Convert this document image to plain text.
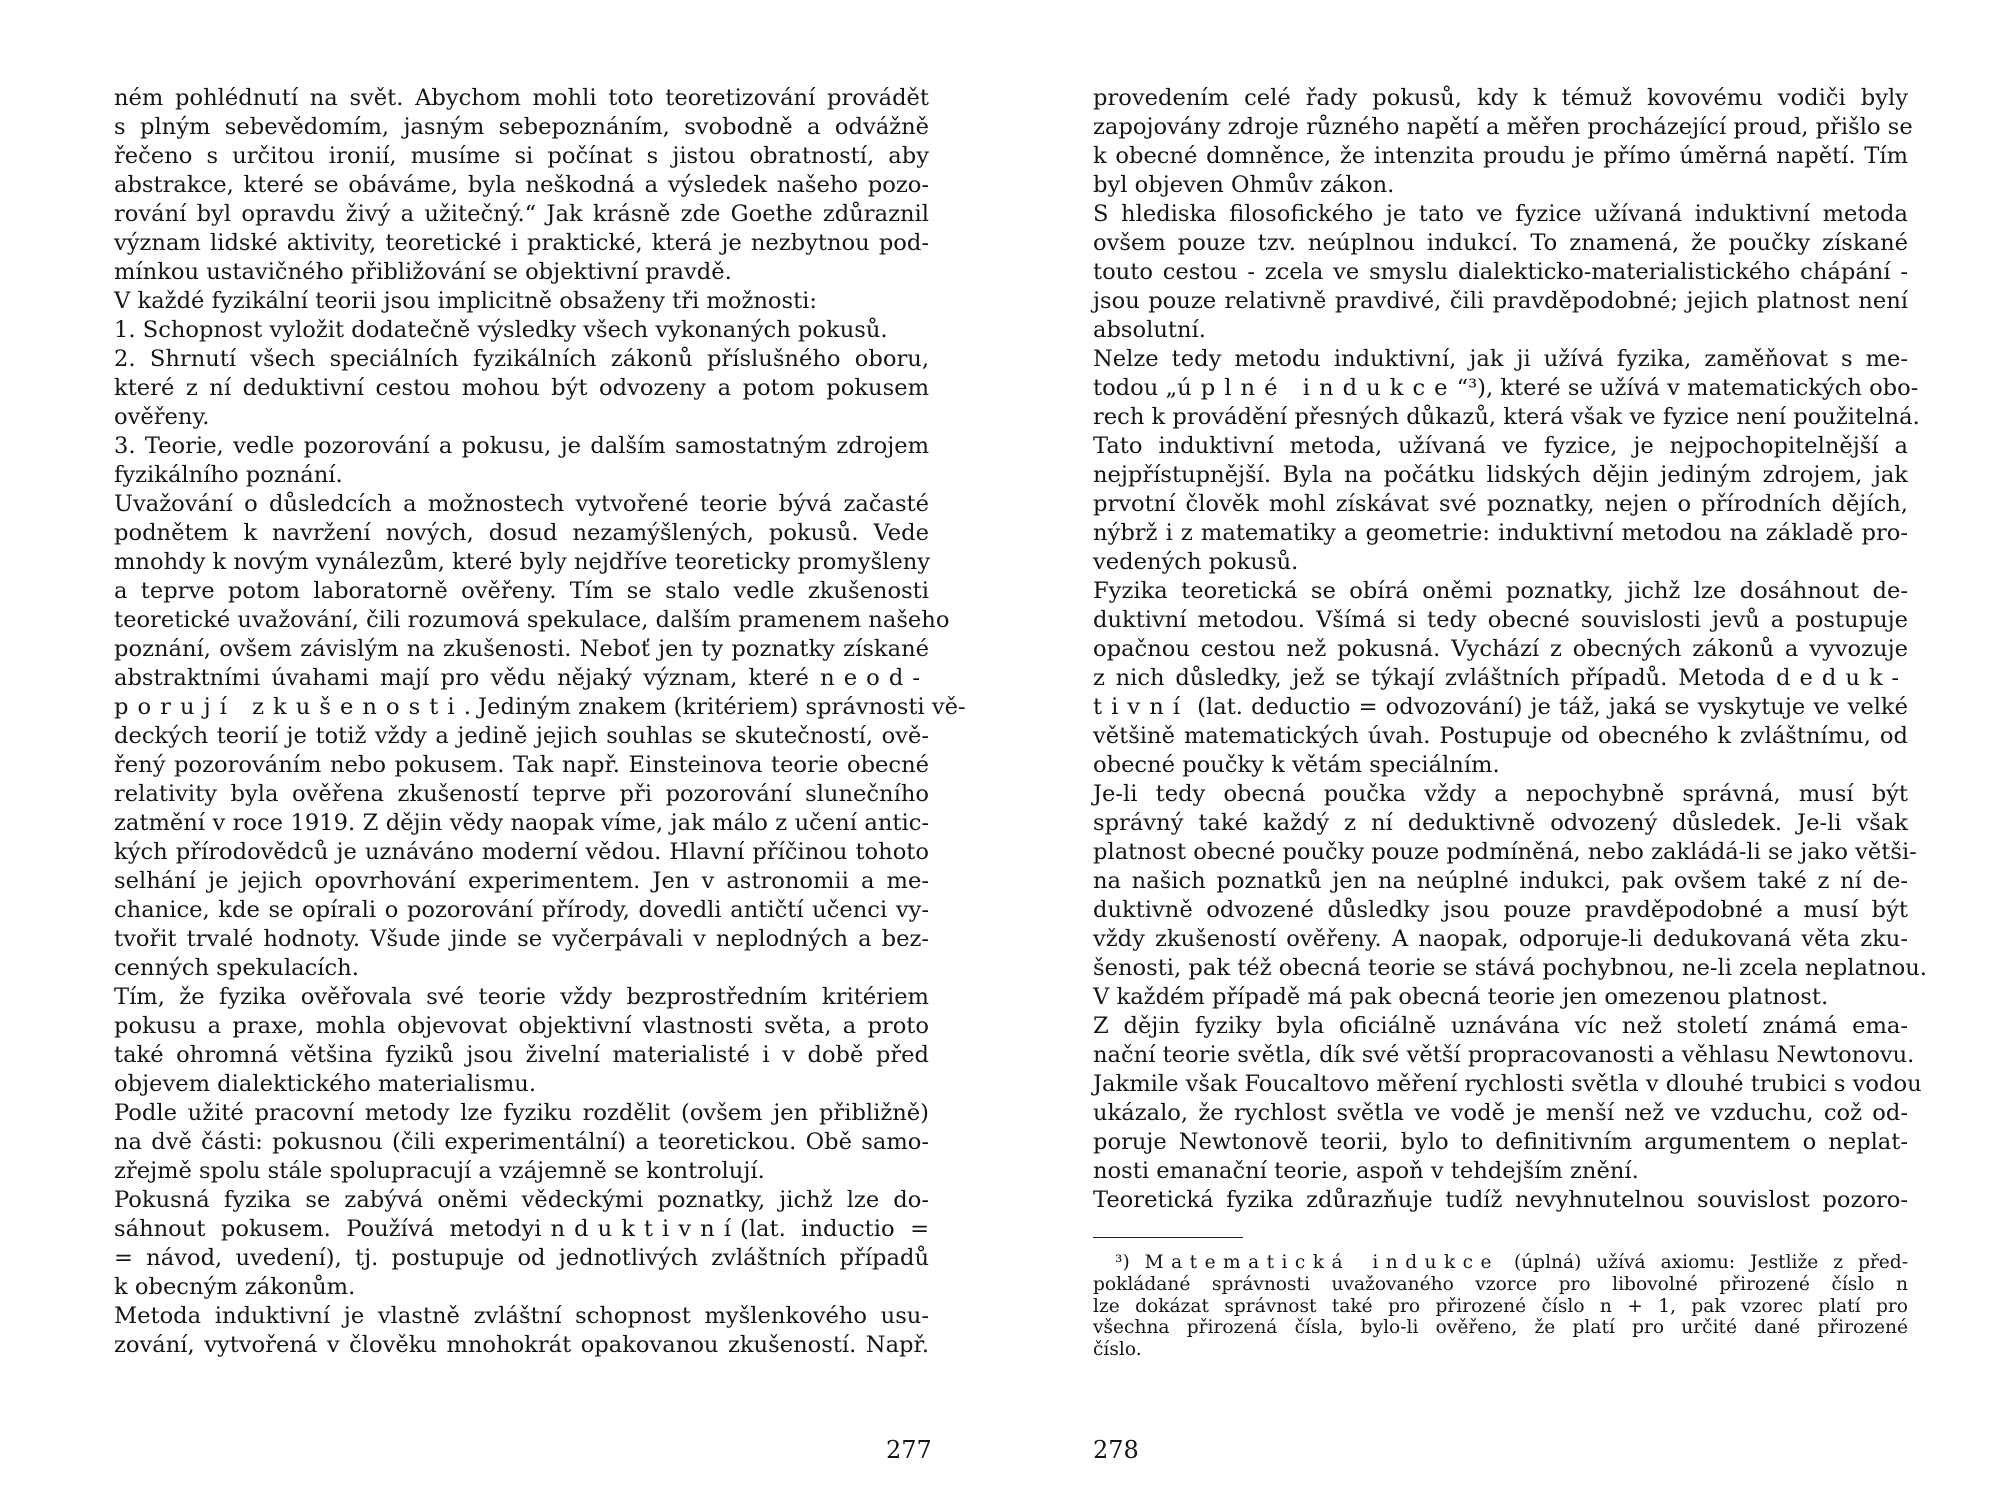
ném pohlédnutí na svět. Abychom mohli toto teoretizování provádět
s plným sebevědomím, jasným sebepoznáním, svobodně a odvážně
řečeno s určitou ironií, musíme si počínat s jistou obratností, aby
abstrakce, které se obáváme, byla neškodná a výsledek našeho pozo-
rování byl opravdu živý a užitečný.“ Jak krásně zde Goethe zdůraznil
význam lidské aktivity, teoretické i praktické, která je nezbytnou pod-
mínkou ustavičného přibližování se objektivní pravdě.
V každé fyzikální teorii jsou implicitně obsaženy tři možnosti:
1. Schopnost vyložit dodatečně výsledky všech vykonaných pokusů.
2. Shrnutí všech speciálních fyzikálních zákonů příslušného oboru,
které z ní deduktivní cestou mohou být odvozeny a potom pokusem
ověřeny.
3. Teorie, vedle pozorování a pokusu, je dalším samostatným zdrojem
fyzikálního poznání.
Uvažování o důsledcích a možnostech vytvořené teorie bývá začasté
podnětem k navržení nových, dosud nezamýšlených, pokusů. Vede
mnohdy k novým vynálezům, které byly nejdříve teoreticky promyšleny
a teprve potom laboratorně ověřeny. Tím se stalo vedle zkušenosti
teoretické uvažování, čili rozumová spekulace, dalším pramenem našeho
poznání, ovšem závislým na zkušenosti. Neboť jen ty poznatky získané
abstraktními úvahami mají pro vědu nějaký význam, které neod-
porují zkušenosti. Jediným znakem (kritériem) správnosti vě-
deckých teorií je totiž vždy a jedině jejich souhlas se skutečností, ově-
řený pozorováním nebo pokusem. Tak např. Einsteinova teorie obecné
relativity byla ověřena zkušeností teprve při pozorování slunečního
zatmění v roce 1919. Z dějin vědy naopak víme, jak málo z učení antic-
kých přírodovědců je uznáváno moderní vědou. Hlavní příčinou tohoto
selhání je jejich opovrhování experimentem. Jen v astronomii a me-
chanice, kde se opírali o pozorování přírody, dovedli antičtí učenci vy-
tvořit trvalé hodnoty. Všude jinde se vyčerpávali v neplodných a bez-
cenných spekulacích.
Tím, že fyzika ověřovala své teorie vždy bezprostředním kritériem
pokusu a praxe, mohla objevovat objektivní vlastnosti světa, a proto
také ohromná většina fyziků jsou živelní materialisté i v době před
objevem dialektického materialismu.
Podle užité pracovní metody lze fyziku rozdělit (ovšem jen přibližně)
na dvě části: pokusnou (čili experimentální) a teoretickou. Obě samo-
zřejmě spolu stále spolupracují a vzájemně se kontrolují.
Pokusná fyzika se zabývá oněmi vědeckými poznatky, jichž lze do-
sáhnout pokusem. Používá metodyinduktivní(lat. inductio =
= návod, uvedení), tj. postupuje od jednotlivých zvláštních případů
k obecným zákonům.
Metoda induktivní je vlastně zvláštní schopnost myšlenkového usu-
zování, vytvořená v člověku mnohokrát opakovanou zkušeností. Např.
277
provedením celé řady pokusů, kdy k témuž kovovému vodiči byly
zapojovány zdroje různého napětí a měřen procházející proud, přišlo se
k obecné domněnce, že intenzita proudu je přímo úměrná napětí. Tím
byl objeven Ohmův zákon.
S hlediska filosofického je tato ve fyzice užívaná induktivní metoda
ovšem pouze tzv. neúplnou indukcí. To znamená, že poučky získané
touto cestou - zcela ve smyslu dialekticko-materialistického chápání -
jsou pouze relativně pravdivé, čili pravděpodobné; jejich platnost není
absolutní.
Nelze tedy metodu induktivní, jak ji užívá fyzika, zaměňovat s me-
todou „úplné indukce“³), které se užívá v matematických obo-
rech k provádění přesných důkazů, která však ve fyzice není použitelná.
Tato induktivní metoda, užívaná ve fyzice, je nejpochopitelnější a
nejpřístupnější. Byla na počátku lidských dějin jediným zdrojem, jak
prvotní člověk mohl získávat své poznatky, nejen o přírodních dějích,
nýbrž i z matematiky a geometrie: induktivní metodou na základě pro-
vedených pokusů.
Fyzika teoretická se obírá oněmi poznatky, jichž lze dosáhnout de-
duktivní metodou. Všímá si tedy obecné souvislosti jevů a postupuje
opačnou cestou než pokusná. Vychází z obecných zákonů a vyvozuje
z nich důsledky, jež se týkají zvláštních případů. Metoda deduk-
tivní (lat. deductio = odvozování) je táž, jaká se vyskytuje ve velké
většině matematických úvah. Postupuje od obecného k zvláštnímu, od
obecné poučky k větám speciálním.
Je-li tedy obecná poučka vždy a nepochybně správná, musí být
správný také každý z ní deduktivně odvozený důsledek. Je-li však
platnost obecné poučky pouze podmíněná, nebo zakládá-li se jako větši-
na našich poznatků jen na neúplné indukci, pak ovšem také z ní de-
duktivně odvozené důsledky jsou pouze pravděpodobné a musí být
vždy zkušeností ověřeny. A naopak, odporuje-li dedukovaná věta zku-
šenosti, pak též obecná teorie se stává pochybnou, ne-li zcela neplatnou.
V každém případě má pak obecná teorie jen omezenou platnost.
Z dějin fyziky byla oficiálně uznávána víc než století známá ema-
nační teorie světla, dík své větší propracovanosti a věhlasu Newtonovu.
Jakmile však Foucaltovo měření rychlosti světla v dlouhé trubici s vodou
ukázalo, že rychlost světla ve vodě je menší než ve vzduchu, což od-
poruje Newtonově teorii, bylo to definitivním argumentem o neplat-
nosti emanační teorie, aspoň v tehdejším znění.
Teoretická fyzika zdůrazňuje tudíž nevyhnutelnou souvislost pozoro-
³) Matematická indukce (úplná) užívá axiomu: Jestliže z před-
pokládané správnosti uvažovaného vzorce pro libovolné přirozené číslo n
lze dokázat správnost také pro přirozené číslo n + 1, pak vzorec platí pro
všechna přirozená čísla, bylo-li ověřeno, že platí pro určité dané přirozené
číslo.
278
